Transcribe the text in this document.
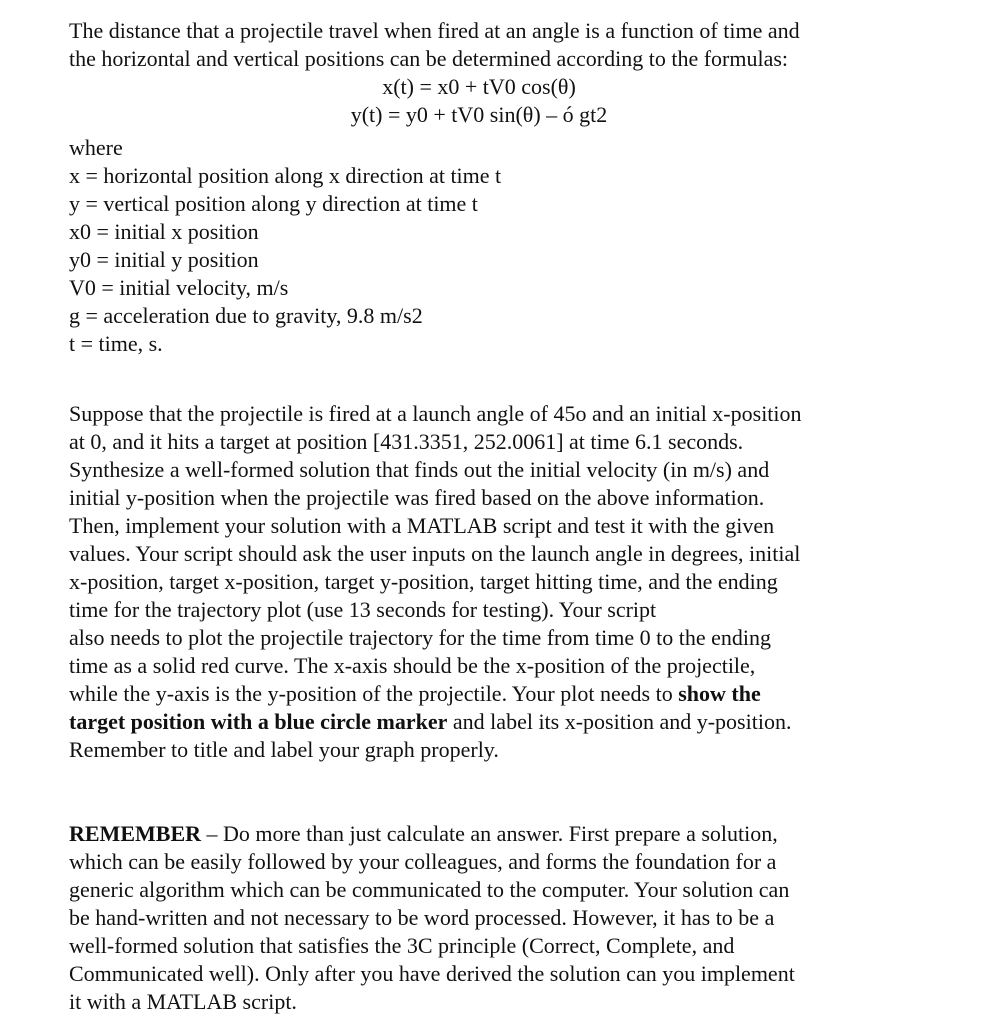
The distance that a projectile travel when fired at an angle is a function of time and
the horizontal and vertical positions can be determined according to the formulas:

x(t) = x0 + tV0 cos(θ)
y(t) = y0 + tV0 sin(θ) – ó gt2
where
x = horizontal position along x direction at time t
y = vertical position along y direction at time t
x0 = initial x position
y0 = initial y position
V0 = initial velocity, m/s
g = acceleration due to gravity, 9.8 m/s2
t = time, s.

Suppose that the projectile is fired at a launch angle of 45o and an initial x-position
at 0, and it hits a target at position [431.3351, 252.0061] at time 6.1 seconds.
Synthesize a well-formed solution that finds out the initial velocity (in m/s) and
initial y-position when the projectile was fired based on the above information.
Then, implement your solution with a MATLAB script and test it with the given
values. Your script should ask the user inputs on the launch angle in degrees, initial
x-position, target x-position, target y-position, target hitting time, and the ending
time for the trajectory plot (use 13 seconds for testing). Your script
also needs to plot the projectile trajectory for the time from time 0 to the ending
time as a solid red curve. The x-axis should be the x-position of the projectile,
while the y-axis is the y-position of the projectile. Your plot needs to show the
target position with a blue circle marker and label its x-position and y-position.
Remember to title and label your graph properly.

REMEMBER – Do more than just calculate an answer. First prepare a solution,
which can be easily followed by your colleagues, and forms the foundation for a
generic algorithm which can be communicated to the computer. Your solution can
be hand-written and not necessary to be word processed. However, it has to be a
well-formed solution that satisfies the 3C principle (Correct, Complete, and
Communicated well). Only after you have derived the solution can you implement
it with a MATLAB script.
